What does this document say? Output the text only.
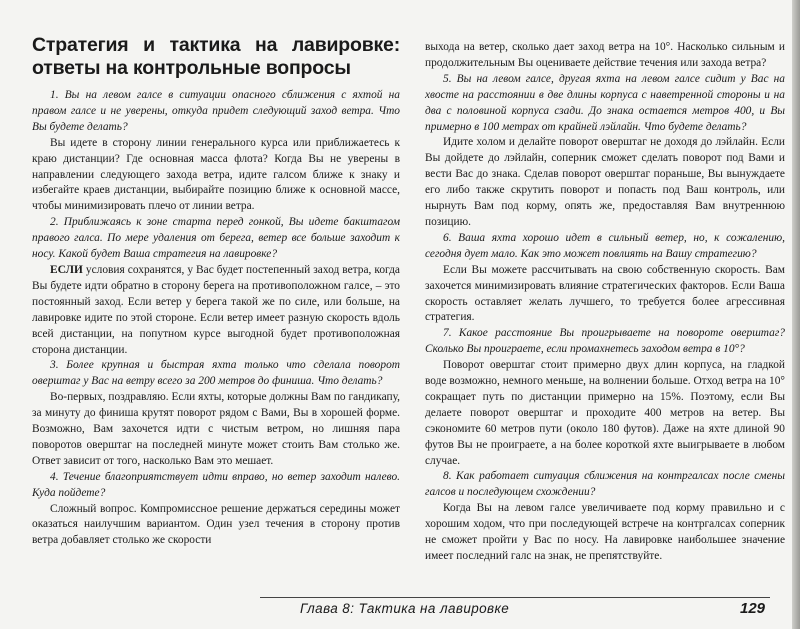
Стратегия и тактика на лавировке: ответы на контрольные вопросы

1. Вы на левом галсе в ситуации опасного сближения с яхтой на правом галсе и не уверены, откуда придет следующий заход ветра. Что Вы будете делать?

Вы идете в сторону линии генерального курса или приближаетесь к краю дистанции? Где основная масса флота? Когда Вы не уверены в направлении следующего захода ветра, идите галсом ближе к знаку и избегайте краев дистанции, выбирайте позицию ближе к основной массе, чтобы минимизировать плечо от линии ветра.

2. Приближаясь к зоне старта перед гонкой, Вы идете бакштагом правого галса. По мере удаления от берега, ветер все больше заходит к носу. Какой будет Ваша стратегия на лавировке?

ЕСЛИ условия сохранятся, у Вас будет постепенный заход ветра, когда Вы будете идти обратно в сторону берега на противоположном галсе, – это постоянный заход. Если ветер у берега такой же по силе, или больше, на лавировке идите по этой стороне. Если ветер имеет разную скорость вдоль всей дистанции, на попутном курсе выгодной будет противоположная сторона дистанции.

3. Более крупная и быстрая яхта только что сделала поворот оверштаг у Вас на ветру всего за 200 метров до финиша. Что делать?

Во-первых, поздравляю. Если яхты, которые должны Вам по гандикапу, за минуту до финиша крутят поворот рядом с Вами, Вы в хорошей форме. Возможно, Вам захочется идти с чистым ветром, но лишняя пара поворотов оверштаг на последней минуте может стоить Вам столько же. Ответ зависит от того, насколько Вам это мешает.

4. Течение благоприятствует идти вправо, но ветер заходит налево. Куда пойдете?

Сложный вопрос. Компромиссное решение держаться середины может оказаться наилучшим вариантом. Один узел течения в сторону против ветра добавляет столько же скорости

выхода на ветер, сколько дает заход ветра на 10°. Насколько сильным и продолжительным Вы оцениваете действие течения или захода ветра?

5. Вы на левом галсе, другая яхта на левом галсе сидит у Вас на хвосте на расстоянии в две длины корпуса с наветренной стороны и на два с половиной корпуса сзади. До знака остается метров 400, и Вы примерно в 100 метрах от крайней лэйлайн. Что будете делать?

Идите холом и делайте поворот оверштаг не доходя до лэйлайн. Если Вы дойдете до лэйлайн, соперник сможет сделать поворот под Вами и вести Вас до знака. Сделав поворот оверштаг пораньше, Вы вынуждаете его либо также скрутить поворот и попасть под Ваш контроль, или нырнуть Вам под корму, опять же, предоставляя Вам внутреннюю позицию.

6. Ваша яхта хорошо идет в сильный ветер, но, к сожалению, сегодня дует мало. Как это может повлиять на Вашу стратегию?

Если Вы можете рассчитывать на свою собственную скорость. Вам захочется минимизировать влияние стратегических факторов. Если Ваша скорость оставляет желать лучшего, то требуется более агрессивная стратегия.

7. Какое расстояние Вы проигрываете на повороте оверштаг? Сколько Вы проиграете, если промахнетесь заходом ветра в 10°?

Поворот оверштаг стоит примерно двух длин корпуса, на гладкой воде возможно, немного меньше, на волнении больше. Отход ветра на 10° сокращает путь по дистанции примерно на 15%. Поэтому, если Вы делаете поворот оверштаг и проходите 400 метров на ветер. Вы сэкономите 60 метров пути (около 180 футов). Даже на яхте длиной 90 футов Вы не проиграете, а на более короткой яхте выигрываете в любом случае.

8. Как работает ситуация сближения на контргалсах после смены галсов и последующем схождении?

Когда Вы на левом галсе увеличиваете под корму правильно и с хорошим ходом, что при последующей встрече на контргалсах соперник не сможет пройти у Вас по носу. На лавировке наибольшее значение имеет последний галс на знак, не препятствуйте.

Глава 8: Тактика на лавировке	129
